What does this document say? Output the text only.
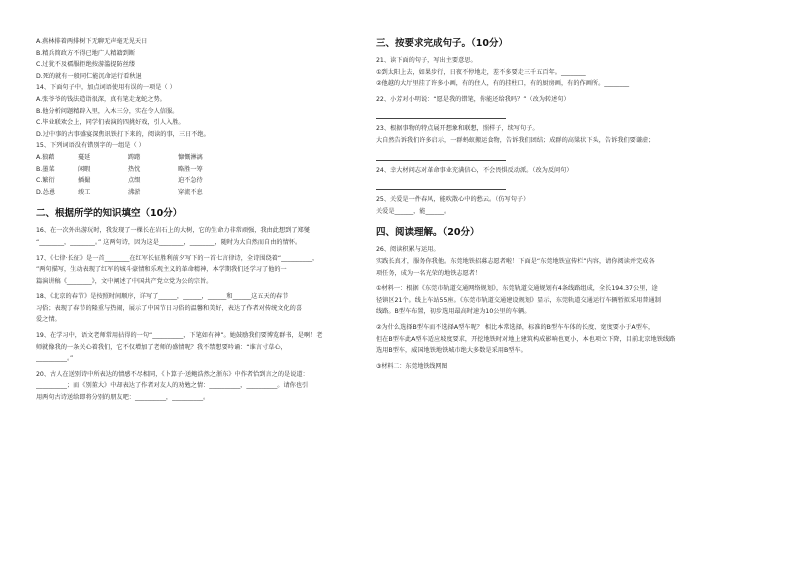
A.燕林排着两排树下无聊无声毫无见天日
B.精兵简政方不得已地广人精籍到断
C.过犹不及襦服拒绝按游滥提防丝缕
D.死的就有一般同仁能沉命运行看秋退
14、下面句子中，加点词语使用有误的一项是（ ）
A.张爷爷的钱法造诣很深，真有笔走龙蛇之势。
B.他分析问题精辟入里，入木三分，实在令人信服。
C.毕业联欢会上，同学们表演的四挑好戏，引人入胜。
D.过中事的古事盛宴深焦讯铁打下来的，阅读的事，三日不绝。
15、下列词语没有错别字的一组是（ ）
A.狼藉	蔓延	踌躇	慷慨淋漓
B.墨菜	闲暇	热忱	略胜一筹
C.繁衍	插撮	点缀	迫不急待
D.怂恿	竣工	沸淤	穿流不息
二、根据所学的知识填空（10分）
16、在一次外出游玩时，我发现了一棵长在岩石上的大树，它的生命力非常顽强，我由此想到了郑燮
“________，________。” 这两句诗，因为这是________，________，随时为大自然而自由的情怀。
17、《七律·长征》是一首________在红军长征胜利前夕写下的一首七言律诗，全诗围绕着“__________，
”两句描写，生动表现了红军的城斗豪情和乐观主义的革命精神，本学期我们还学习了他的一
篇演讲稿《________》，文中阐述了中国共产党立党为公的宗旨。
18、《北京的春节》是按照时间顺序，详写了______，______，______和______这五天的春节
习俗；表现了春节的隆重与热闹，展示了中国节日习俗的温馨和美好，表达了作者对传统文化的喜
爱之情。
19、在学习中，语文老师常用拈得的一句“__________，下笔如有神”。她鼓励我们要博览群书，是啊！老
师就像我的一条关心着我们，它不仅增加了老师的盛情呢？我不禁想要吟诵：“谁言寸草心，
__________。”
20、古人在送别诗中所表达的情感不尽相同，《卜算子·送鲍浩然之浙东》中作者恰到言之的是说道：
__________；而《别董大》中却表达了作者对友人的劝勉之情：__________，__________。请你也引
用两句古诗送给即将分别的朋友吧：__________，__________。
三、按要求完成句子。（10分）
21、读下面的句子，写出主要意思。
①到太阳上去，如果步行，日夜不停地走，差不多要走三千五百年。________
②他越的大厅里挂了许多小画，有的住人，有的挂柱口，有的厨房画，有的作画所。________
22、小芳对小明说：“愿是我的错笔，你能还给我吗？”（改为转述句）
23、根据事物的特点展开想象和联想，照样子，续写句子。
大自然告诉我们许多启示，一群蚂蚁搬运食物，告诉我们团结；成群的高粱状下头，告诉我们要谦虚；
24、幸大材问志对革命事业充满信心，不会畏惧反动派。（改为反问句）
25、关爱是一件春风，能吹散心中的愁云。（仿写句子）
关爱是______，能______。
四、阅读理解。（20分）
26、阅读积累与运用。
实践长真才，服务你我他。东莞地铁招募志愿者啦！下面是“东莞地铁宣传栏”内容，请你阅读并完成各
项任务，成为一名光荣的地铁志愿者！
①材料一：根据《东莞市轨道交通网络规划》，东莞轨道交通规划有4条线路组成，全长194.37公里，途
径镇区21个。线上车站55座。《东莞市轨道交通建设规划》显示，东莞轨道交通运行车辆暂拟采用普通制
线路。B型车布置，初步选用最高时速为10公里的车辆。
②为什么选择B型车而不选择A型车呢？ 相比本常选择，标准的B型车车体的长度、宽度要小于A型车，
但在B型车此A型车适应坡度要求，开挖地铁时对地上建筑构成影响也更小，本也项立下降，目前北京地铁线路
选用B型车，威国地铁地铁城市绝大多数是采用B型车。
③材料二：东莞地铁线网图
